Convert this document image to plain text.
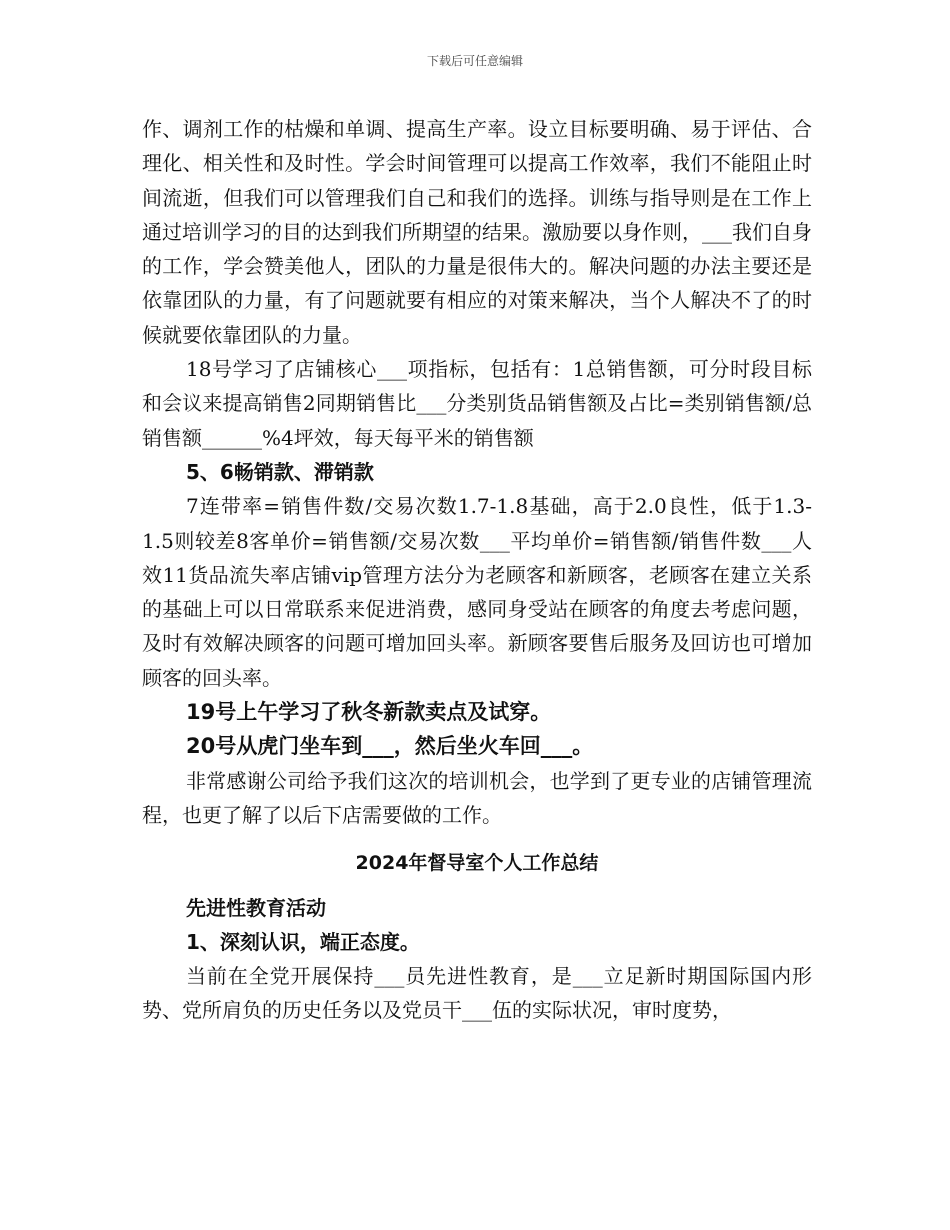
下载后可任意编辑

作、调剂工作的枯燥和单调、提高生产率。设立目标要明确、易于评估、合理化、相关性和及时性。学会时间管理可以提高工作效率，我们不能阻止时间流逝，但我们可以管理我们自己和我们的选择。训练与指导则是在工作上通过培训学习的目的达到我们所期望的结果。激励要以身作则，___我们自身的工作，学会赞美他人，团队的力量是很伟大的。解决问题的办法主要还是依靠团队的力量，有了问题就要有相应的对策来解决，当个人解决不了的时候就要依靠团队的力量。

18号学习了店铺核心___项指标，包括有：1总销售额，可分时段目标和会议来提高销售2同期销售比___分类别货品销售额及占比=类别销售额/总销售额______%4坪效，每天每平米的销售额

5、6畅销款、滞销款

7连带率=销售件数/交易次数1.7-1.8基础，高于2.0良性，低于1.3-1.5则较差8客单价=销售额/交易次数___平均单价=销售额/销售件数___人效11货品流失率店铺vip管理方法分为老顾客和新顾客，老顾客在建立关系的基础上可以日常联系来促进消费，感同身受站在顾客的角度去考虑问题，及时有效解决顾客的问题可增加回头率。新顾客要售后服务及回访也可增加顾客的回头率。

19号上午学习了秋冬新款卖点及试穿。

20号从虎门坐车到___，然后坐火车回___。

非常感谢公司给予我们这次的培训机会，也学到了更专业的店铺管理流程，也更了解了以后下店需要做的工作。

2024年督导室个人工作总结

先进性教育活动

1、深刻认识，端正态度。

当前在全党开展保持___员先进性教育，是___立足新时期国际国内形势、党所肩负的历史任务以及党员干___伍的实际状况，审时度势，
